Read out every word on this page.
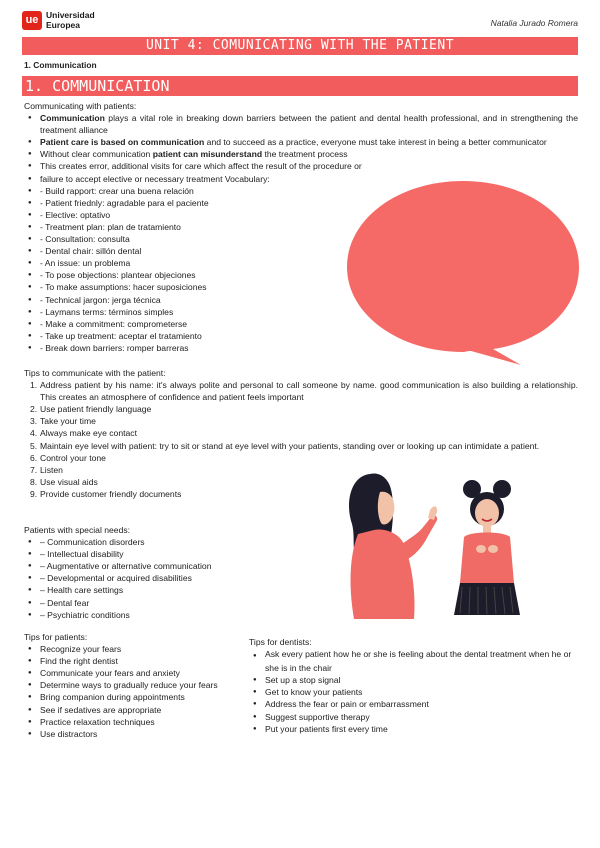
ue Universidad
Europea	Natalia Jurado Romera
UNIT 4: COMUNICATING WITH THE PATIENT
1. Communication
1. COMMUNICATION
Communicating with patients:
● Communication plays a vital role in breaking down barriers between the patient and dental health professional, and in strengthening the treatment alliance
● Patient care is based on communication and to succeed as a practice, everyone must take interest in being a better communicator
● Without clear communication patient can misunderstand the treatment process
● This creates error, additional visits for care which affect the result of the procedure or
● failure to accept elective or necessary treatment Vocabulary:
● - Build rapport: crear una buena relación
● - Patient friednly: agradable para el paciente
● - Elective: optativo
● - Treatment plan: plan de tratamiento
● - Consultation: consulta
● - Dental chair: sillón dental
● - An issue: un problema
● - To pose objections: plantear objeciones
● - To make assumptions: hacer suposiciones
● - Technical jargon: jerga técnica
● - Laymans terms: términos simples
● - Make a commitment: comprometerse
● - Take up treatment: aceptar el tratamiento
● - Break down barriers: romper barreras
Tips to communicate with the patient:
1. Address patient by his name: it's always polite and personal to call someone by name. good communication is also building a relationship. This creates an atmosphere of confidence and patient feels important
2. Use patient friendly language
3. Take your time
4. Always make eye contact
5. Maintain eye level with patient: try to sit or stand at eye level with your patients, standing over or looking up can intimidate a patient.
6. Control your tone
7. Listen
8. Use visual aids
9. Provide customer friendly documents
Patients with special needs:
● – Communication disorders
● – Intellectual disability
● – Augmentative or alternative communication
● – Developmental or acquired disabilities
● – Health care settings
● – Dental fear
● – Psychiatric conditions
Tips for patients:
● Recognize your fears
● Find the right dentist
● Communicate your fears and anxiety
● Determine ways to gradually reduce your fears
● Bring companion during appointments
● See if sedatives are appropriate
● Practice relaxation techniques
● Use distractors
Tips for dentists:
● Ask every patient how he or she is feeling about the dental treatment when he or she is in the chair
● Set up a stop signal
● Get to know your patients
● Address the fear or pain or embarrassment
● Suggest supportive therapy
● Put your patients first every time
